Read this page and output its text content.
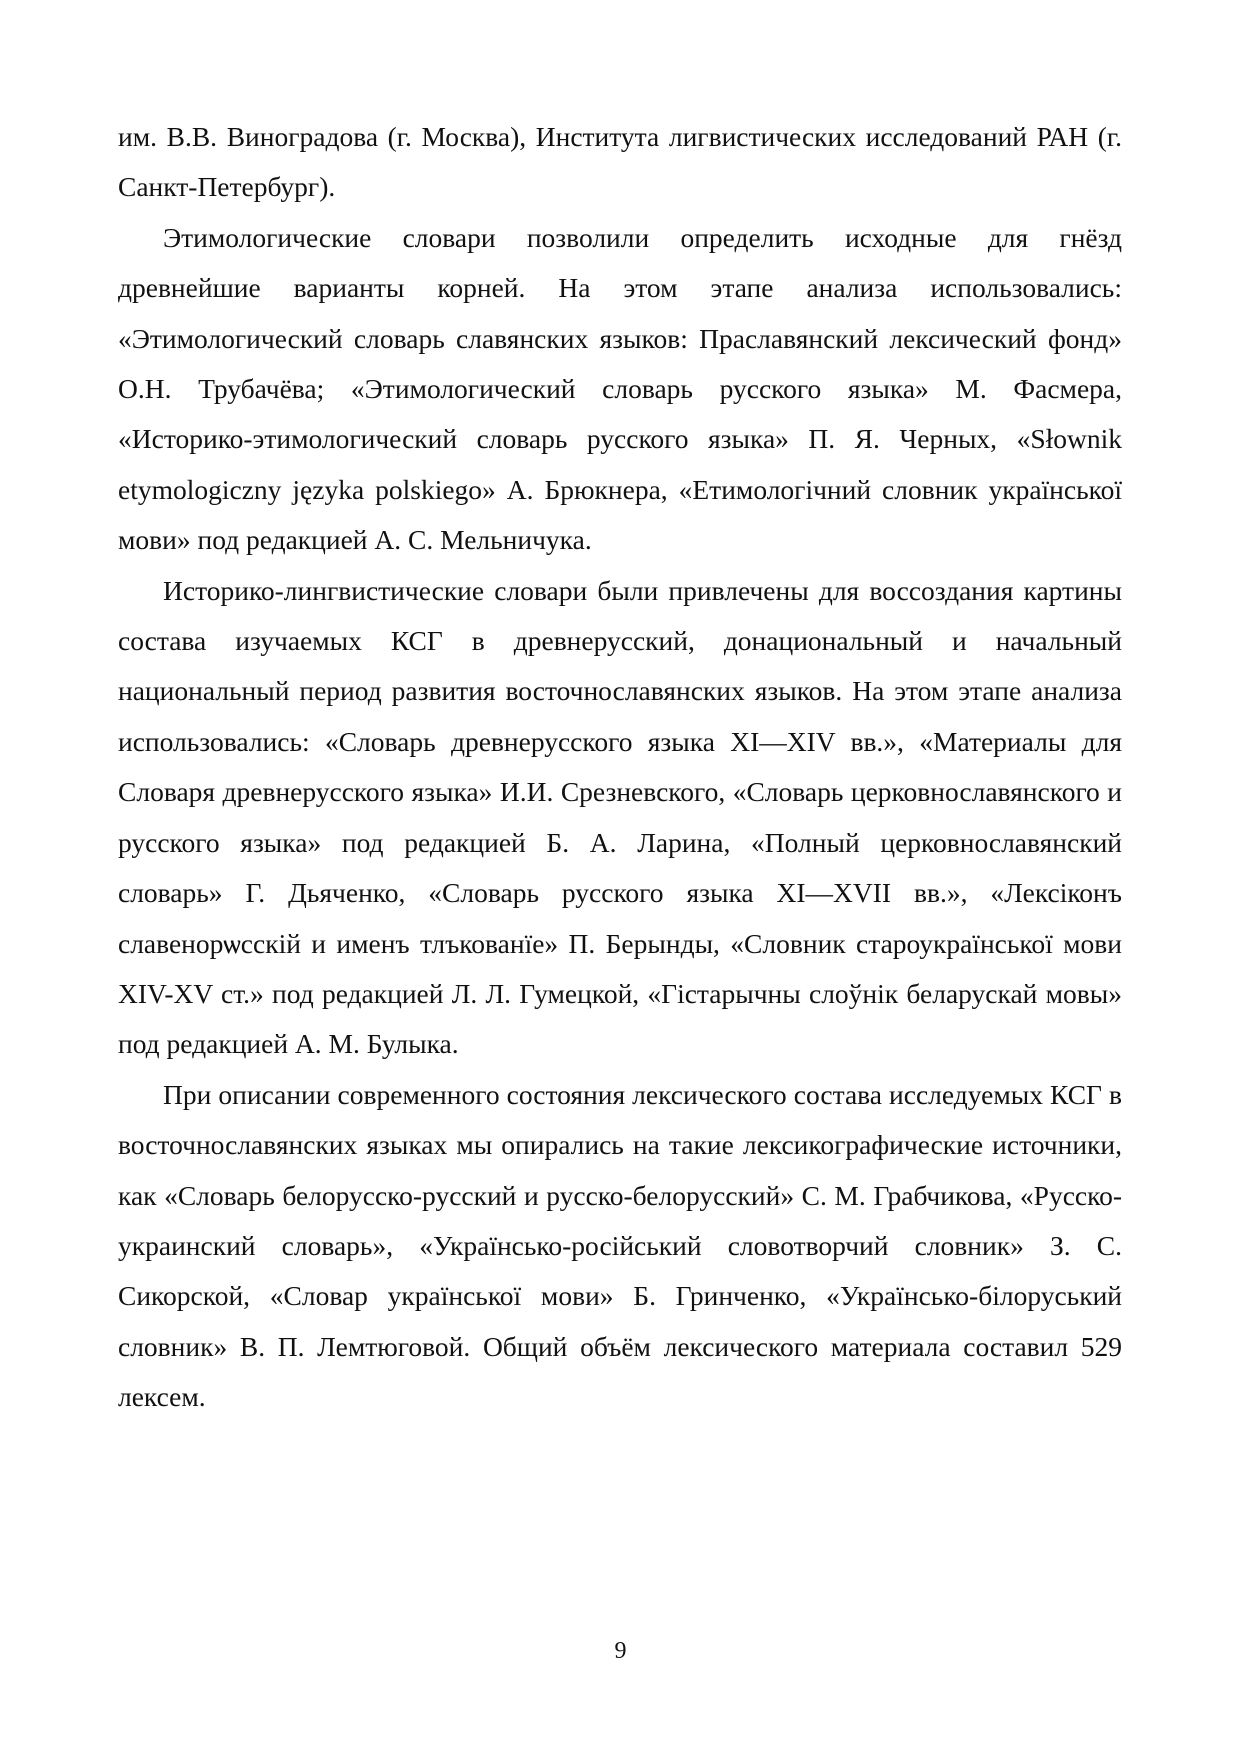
им. В.В. Виноградова (г. Москва), Института лигвистических исследований РАН (г. Санкт-Петербург).

Этимологические словари позволили определить исходные для гнёзд древнейшие варианты корней. На этом этапе анализа использовались: «Этимологический словарь славянских языков: Праславянский лексический фонд» О.Н. Трубачёва; «Этимологический словарь русского языка» М. Фасмера, «Историко-этимологический словарь русского языка» П. Я. Черных, «Słownik etymologiczny języka polskiego» А. Брюкнера, «Етимологічний словник української мови» под редакцией А. С. Мельничука.

Историко-лингвистические словари были привлечены для воссоздания картины состава изучаемых КСГ в древнерусский, донациональный и начальный национальный период развития восточнославянских языков. На этом этапе анализа использовались: «Словарь древнерусского языка XI—XIV вв.», «Материалы для Словаря древнерусского языка» И.И. Срезневского, «Словарь церковнославянского и русского языка» под редакцией Б. А. Ларина, «Полный церковнославянский словарь» Г. Дьяченко, «Словарь русского языка XI—XVII вв.», «Лексіконъ славенорѡсскій и именъ тлъкованїе» П. Берынды, «Словник староукраїнської мови XIV-XV ст.» под редакцией Л. Л. Гумецкой, «Гістарычны слоўнік беларускай мовы» под редакцией А. М. Булыка.

При описании современного состояния лексического состава исследуемых КСГ в восточнославянских языках мы опирались на такие лексикографические источники, как «Словарь белорусско-русский и русско-белорусский» С. М. Грабчикова, «Русско-украинский словарь», «Українсько-російський словотворчий словник» З. С. Сикорской, «Словар української мови» Б. Гринченко, «Українсько-білоруський словник» В. П. Лемтюговой. Общий объём лексического материала составил 529 лексем.

9
